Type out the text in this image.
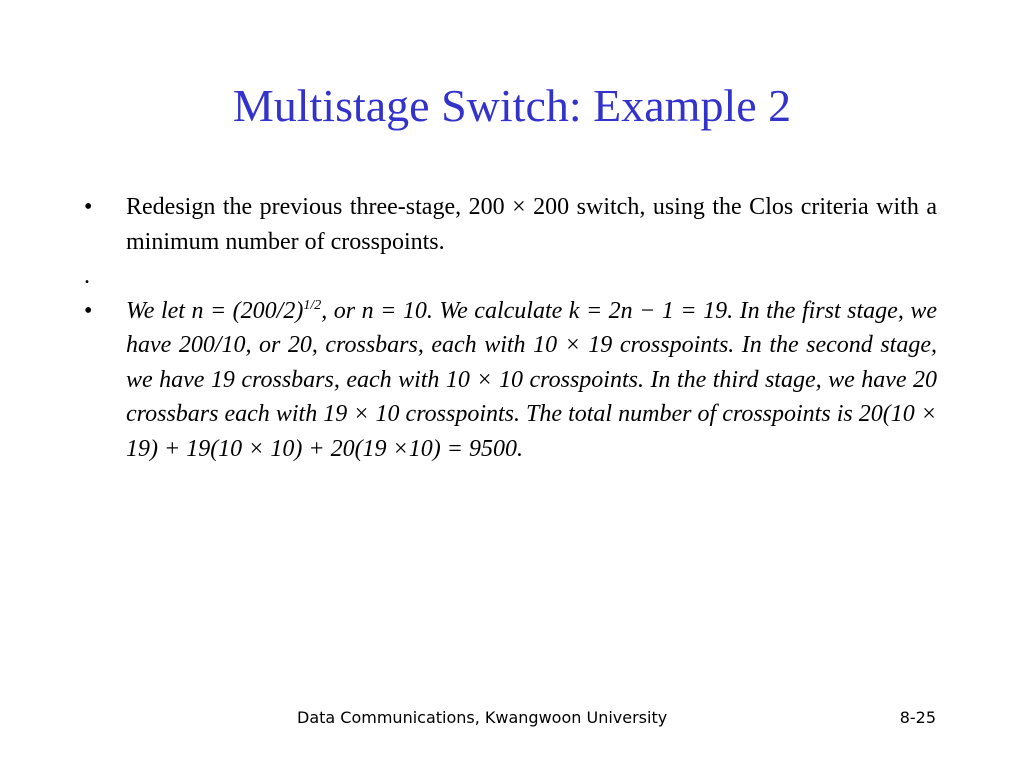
Multistage Switch: Example 2
•	Redesign the previous three-stage, 200 × 200 switch, using the Clos criteria with a minimum number of crosspoints.
.

•	We let $n = (200/2)^{1/2}$, or n = 10. We calculate k = 2n − 1 = 19. In the first stage, we have 200/10, or 20, crossbars, each with 10 × 19 crosspoints. In the second stage, we have 19 crossbars, each with 10 × 10 crosspoints. In the third stage, we have 20 crossbars each with 19 × 10 crosspoints. The total number of crosspoints is 20(10 × 19) + 19(10 × 10) + 20(19 ×10) = 9500.
Data Communications, Kwangwoon University	8-25
